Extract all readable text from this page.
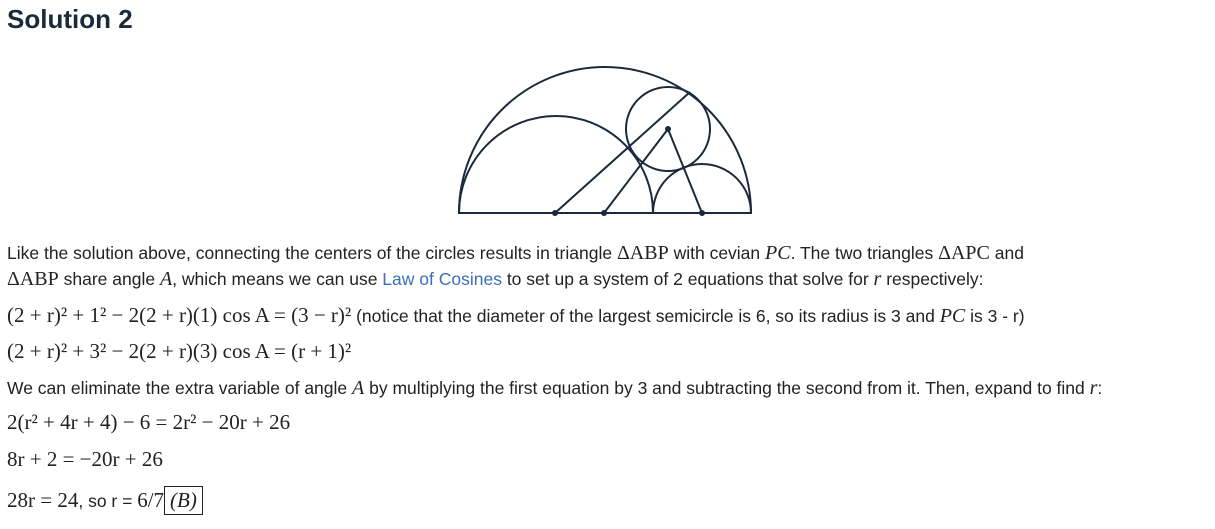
Solution 2
Like the solution above, connecting the centers of the circles results in triangle ΔABP with cevian PC. The two triangles ΔAPC and
ΔABP share angle A, which means we can use Law of Cosines to set up a system of 2 equations that solve for r respectively:
(2 + r)² + 1² − 2(2 + r)(1) cos A = (3 − r)² (notice that the diameter of the largest semicircle is 6, so its radius is 3 and PC is 3 - r)
(2 + r)² + 3² − 2(2 + r)(3) cos A = (r + 1)²
We can eliminate the extra variable of angle A by multiplying the first equation by 3 and subtracting the second from it. Then, expand to find r:
2(r² + 4r + 4) − 6 = 2r² − 20r + 26
8r + 2 = −20r + 26
28r = 24, so r = 6/7 (B)
